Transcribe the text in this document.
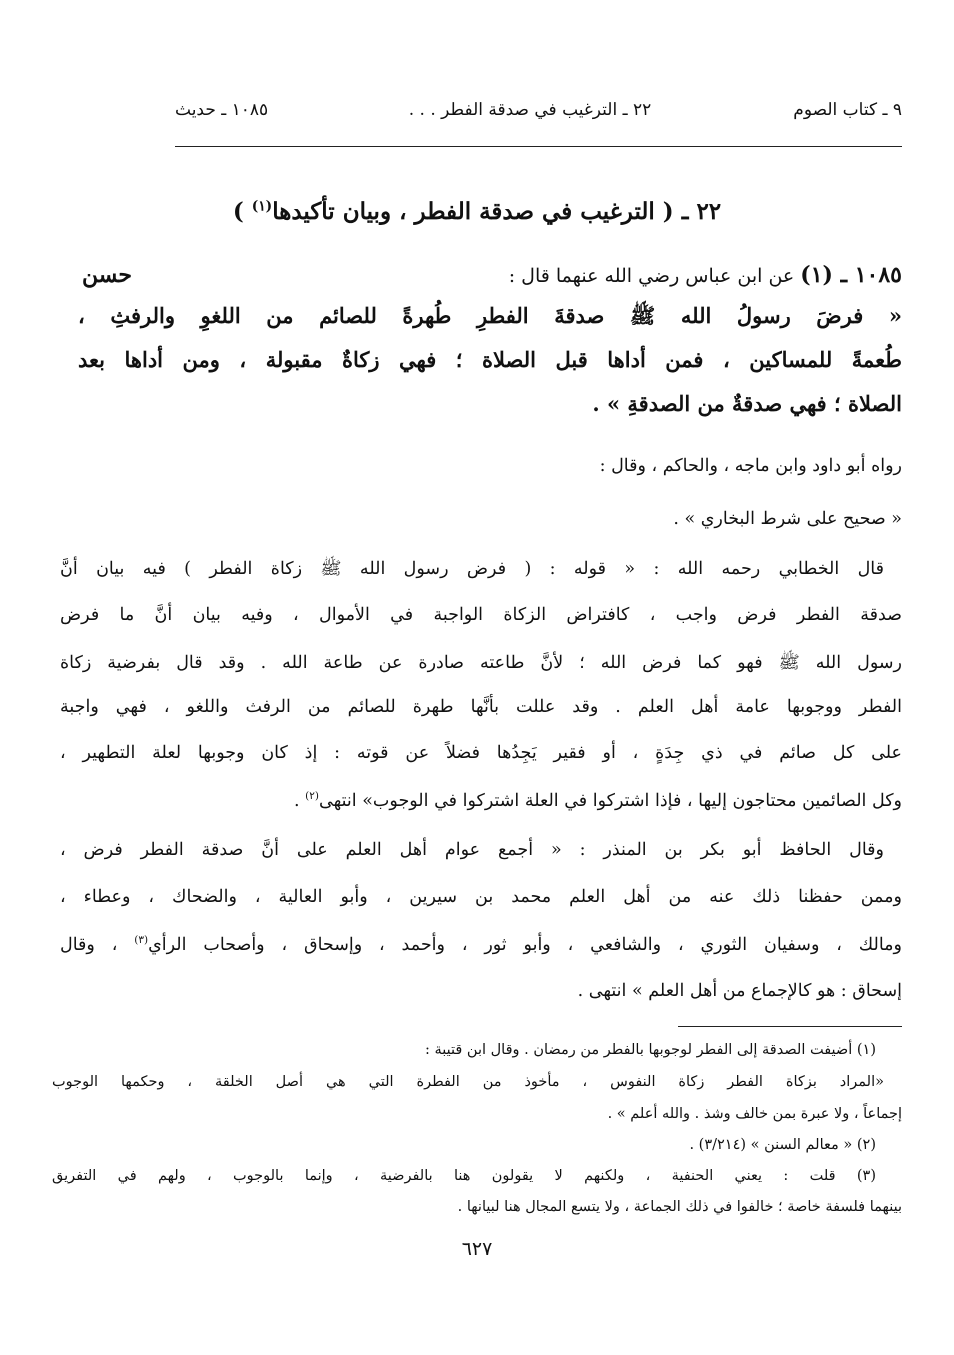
٩ ـ كتاب الصوم
٢٢ ـ الترغيب في صدقة الفطر . . .
١٠٨٥ ـ حديث
٢٢ ـ ( الترغيب في صدقة الفطر ، وبيان تأكيدها$^{(١)}$ )
حسن	١٠٨٥ ـ (١) عن ابن عباس رضي الله عنهما قال :
« فرضَ رسولُ الله ﷺ صدقةَ الفطرِ طُهرةً للصائم من اللغوِ والرفثِ ،
طُعمةً للمساكين ، فمن أداها قبل الصلاة ؛ فهي زكاةٌ مقبولة ، ومن أداها بعد
الصلاة ؛ فهي صدقةٌ من الصدقةِ » .
رواه أبو داود وابن ماجه ، والحاكم ، وقال :
« صحيح على شرط البخاري » .
قال الخطابي رحمه الله : « قوله : ( فرض رسول الله ﷺ زكاة الفطر ) فيه بيان أنَّ
صدقة الفطر فرض واجب ، كافتراض الزكاة الواجبة في الأموال ، وفيه بيان أنَّ ما فرض
رسول الله ﷺ فهو كما فرض الله ؛ لأنَّ طاعته صادرة عن طاعة الله . وقد قال بفرضية زكاة
الفطر ووجوبها عامة أهل العلم . وقد عللت بأنَّها طهرة للصائم من الرفث واللغو ، فهي واجبة
على كل صائم في ذي جِدَةٍ ، أو فقير يَجِدُها فضلاً عن قوته : إذ كان وجوبها لعلة التطهير ،
وكل الصائمين محتاجون إليها ، فإذا اشتركوا في العلة اشتركوا في الوجوب» انتهى$^{(٢)}$ .
وقال الحافظ أبو بكر بن المنذر : « أجمع عوام أهل العلم على أنَّ صدقة الفطر فرض ،
وممن حفظنا ذلك عنه من أهل العلم محمد بن سيرين ، وأبو العالية ، والضحاك ، وعطاء ،
ومالك ، وسفيان الثوري ، والشافعي ، وأبو ثور ، وأحمد ، وإسحاق ، وأصحاب الرأي$^{(٣)}$ ، وقال
إسحاق : هو كالإجماع من أهل العلم » انتهى .
(١) أضيفت الصدقة إلى الفطر لوجوبها بالفطر من رمضان . وقال ابن قتيبة :
«المراد بزكاة الفطر زكاة النفوس ، مأخوذ من الفطرة التي هي أصل الخلقة ، وحكمها الوجوب
إجماعاً ، ولا عبرة بمن خالف وشذ . والله أعلم » .
(٢) « معالم السنن » (٣/٢١٤) .
(٣) قلت : يعني الحنفية ، ولكنهم لا يقولون هنا بالفرضية ، وإنما بالوجوب ، ولهم في التفريق
بينهما فلسفة خاصة ؛ خالفوا في ذلك الجماعة ، ولا يتسع المجال هنا لبيانها .
٦٢٧
